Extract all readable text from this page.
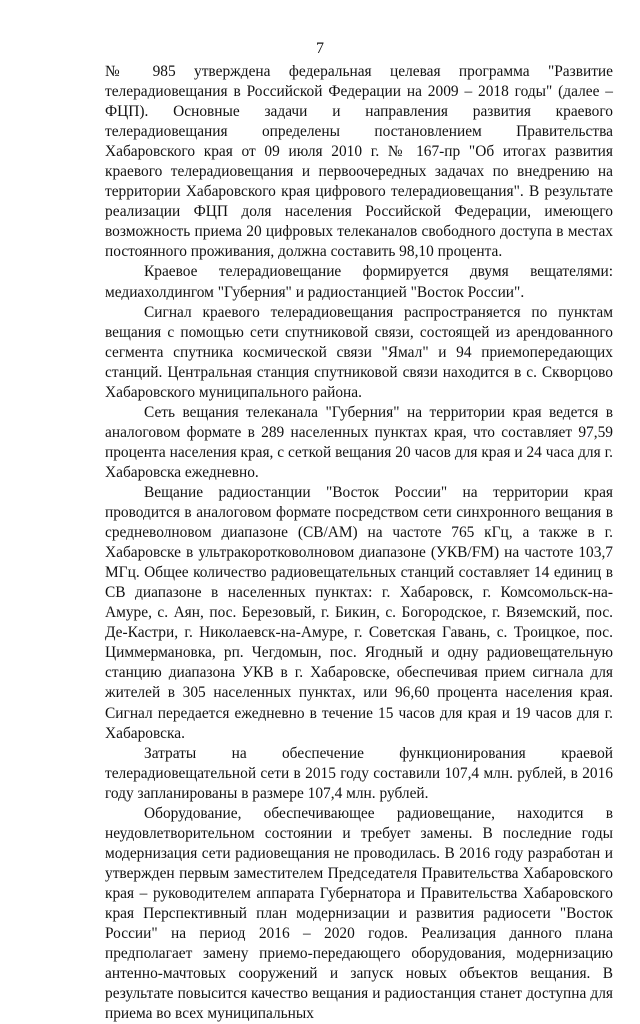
7

№ 985 утверждена федеральная целевая программа "Развитие телерадиовещания в Российской Федерации на 2009 – 2018 годы" (далее – ФЦП). Основные задачи и направления развития краевого телерадиовещания определены постановлением Правительства Хабаровского края от 09 июля 2010 г. № 167-пр "Об итогах развития краевого телерадиовещания и первоочередных задачах по внедрению на территории Хабаровского края цифрового телерадиовещания". В результате реализации ФЦП доля населения Российской Федерации, имеющего возможность приема 20 цифровых телеканалов свободного доступа в местах постоянного проживания, должна составить 98,10 процента.

Краевое телерадиовещание формируется двумя вещателями: медиахолдингом "Губерния" и радиостанцией "Восток России".

Сигнал краевого телерадиовещания распространяется по пунктам вещания с помощью сети спутниковой связи, состоящей из арендованного сегмента спутника космической связи "Ямал" и 94 приемопередающих станций. Центральная станция спутниковой связи находится в с. Скворцово Хабаровского муниципального района.

Сеть вещания телеканала "Губерния" на территории края ведется в аналоговом формате в 289 населенных пунктах края, что составляет 97,59 процента населения края, с сеткой вещания 20 часов для края и 24 часа для г. Хабаровска ежедневно.

Вещание радиостанции "Восток России" на территории края проводится в аналоговом формате посредством сети синхронного вещания в средневолновом диапазоне (СВ/АМ) на частоте 765 кГц, а также в г. Хабаровске в ультракоротковолновом диапазоне (УКВ/FM) на частоте 103,7 МГц. Общее количество радиовещательных станций составляет 14 единиц в СВ диапазоне в населенных пунктах: г. Хабаровск, г. Комсомольск-на-Амуре, с. Аян, пос. Березовый, г. Бикин, с. Богородское, г. Вяземский, пос. Де-Кастри, г. Николаевск-на-Амуре, г. Советская Гавань, с. Троицкое, пос. Циммермановка, рп. Чегдомын, пос. Ягодный и одну радиовещательную станцию диапазона УКВ в г. Хабаровске, обеспечивая прием сигнала для жителей в 305 населенных пунктах, или 96,60 процента населения края. Сигнал передается ежедневно в течение 15 часов для края и 19 часов для г. Хабаровска.

Затраты на обеспечение функционирования краевой телерадиовещательной сети в 2015 году составили 107,4 млн. рублей, в 2016 году запланированы в размере 107,4 млн. рублей.

Оборудование, обеспечивающее радиовещание, находится в неудовлетворительном состоянии и требует замены. В последние годы модернизация сети радиовещания не проводилась. В 2016 году разработан и утвержден первым заместителем Председателя Правительства Хабаровского края – руководителем аппарата Губернатора и Правительства Хабаровского края Перспективный план модернизации и развития радиосети "Восток России" на период 2016 – 2020 годов. Реализация данного плана предполагает замену приемо-передающего оборудования, модернизацию антенно-мачтовых сооружений и запуск новых объектов вещания. В результате повысится качество вещания и радиостанция станет доступна для приема во всех муниципальных
